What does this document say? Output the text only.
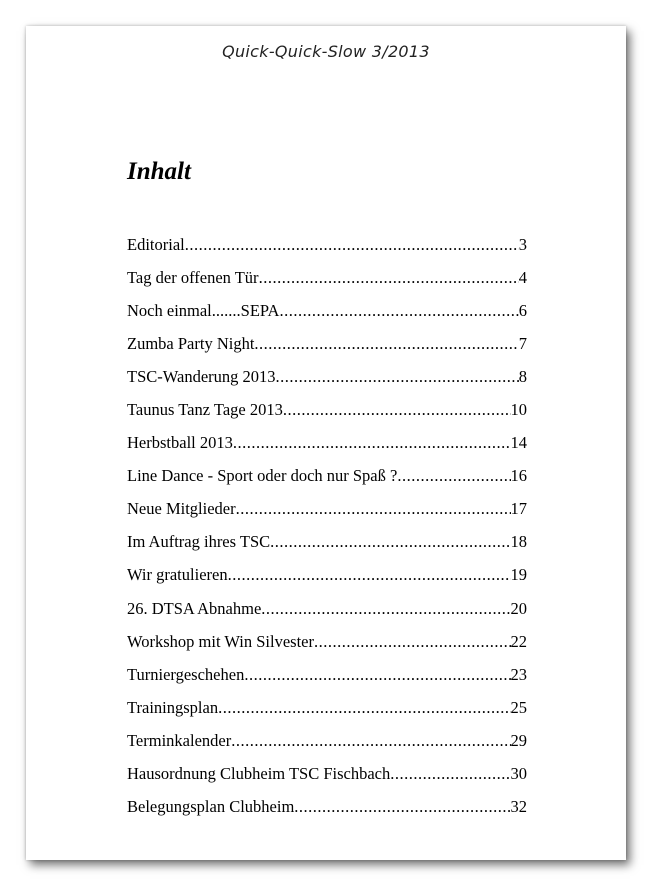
Quick-Quick-Slow 3/2013
Inhalt
Editorial .....	3
Tag der offenen Tür .....	4
Noch einmal.......SEPA .....	6
Zumba Party Night .....	7
TSC-Wanderung 2013 .....	8
Taunus Tanz Tage 2013 .....	10
Herbstball 2013 .....	14
Line Dance - Sport oder doch nur Spaß ? .....	16
Neue Mitglieder .....	17
Im Auftrag ihres TSC .....	18
Wir gratulieren .....	19
26. DTSA Abnahme .....	20
Workshop mit Win Silvester .....	22
Turniergeschehen .....	23
Trainingsplan .....	25
Terminkalender .....	29
Hausordnung Clubheim TSC Fischbach .....	30
Belegungsplan Clubheim .....	32
